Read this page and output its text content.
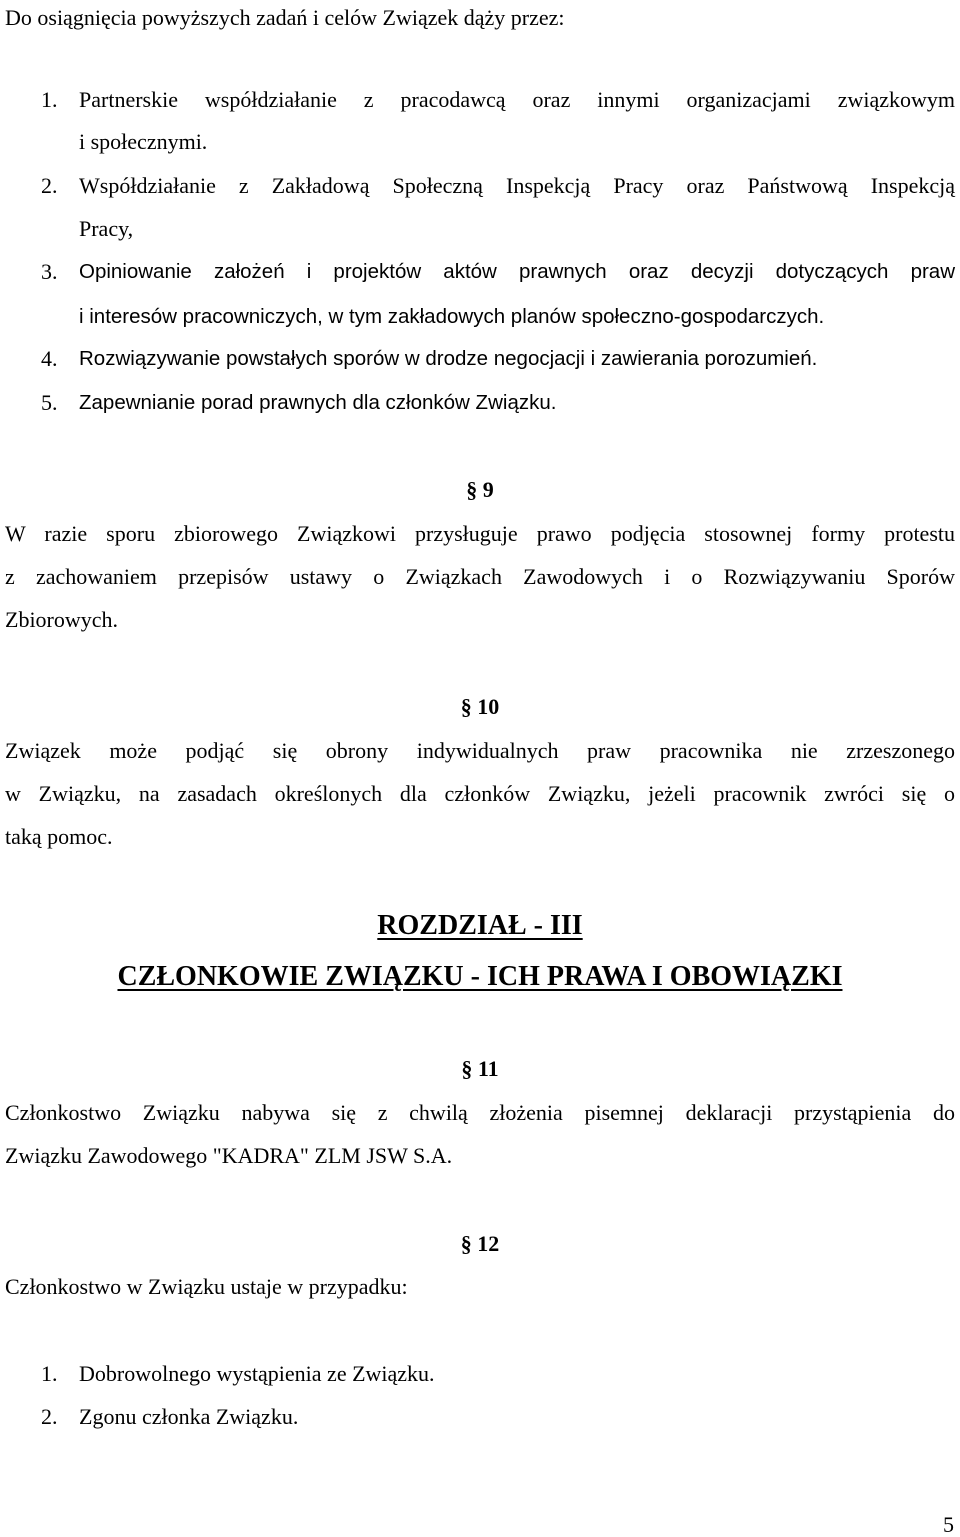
Do osiągnięcia powyższych zadań i celów Związek dąży przez:
1. Partnerskie współdziałanie z pracodawcą oraz innymi organizacjami związkowym
i społecznymi.
2. Współdziałanie z Zakładową Społeczną Inspekcją Pracy oraz Państwową Inspekcją
Pracy,
3. Opiniowanie założeń i projektów aktów prawnych oraz decyzji dotyczących praw
i interesów pracowniczych, w tym zakładowych planów społeczno-gospodarczych.
4. Rozwiązywanie powstałych sporów w drodze negocjacji i zawierania porozumień.
5. Zapewnianie porad prawnych dla członków Związku.
§ 9
W razie sporu zbiorowego Związkowi przysługuje prawo podjęcia stosownej formy protestu
z zachowaniem przepisów ustawy o Związkach Zawodowych i o Rozwiązywaniu Sporów
Zbiorowych.
§ 10
Związek może podjąć się obrony indywidualnych praw pracownika nie zrzeszonego
w Związku, na zasadach określonych dla członków Związku, jeżeli pracownik zwróci się o
taką pomoc.
ROZDZIAŁ - III
CZŁONKOWIE ZWIĄZKU - ICH PRAWA I OBOWIĄZKI
§ 11
Członkostwo Związku nabywa się z chwilą złożenia pisemnej deklaracji przystąpienia do
Związku Zawodowego "KADRA" ZLM JSW S.A.
§ 12
Członkostwo w Związku ustaje w przypadku:
1. Dobrowolnego wystąpienia ze Związku.
2. Zgonu członka Związku.
5
